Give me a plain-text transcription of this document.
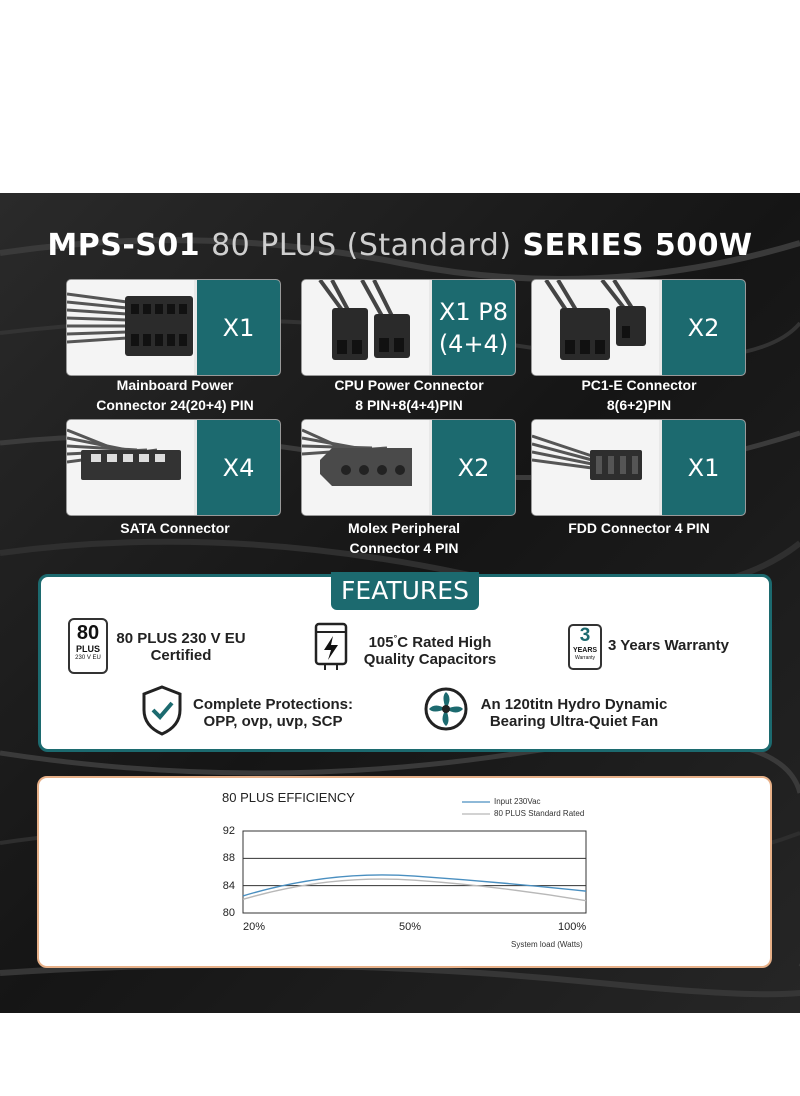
MPS-S01 80 PLUS (Standard) SERIES 500W
X1
Mainboard Power
Connector 24(20+4) PIN
X1 P8
(4+4)
CPU Power Connector
8 PIN+8(4+4)PIN
X2
PC1-E Connector
8(6+2)PIN
X4
SATA Connector
X2
Molex Peripheral
Connector 4 PIN
X1
FDD Connector 4 PIN
FEATURES
80
PLUS
230 V EU
80 PLUS 230 V EU
Certified
105°C Rated High
Quality Capacitors
3
YEARS
Warranty
3 Years Warranty
Complete Protections:
OPP, ovp, uvp, SCP
An 120titn Hydro Dynamic
Bearing Ultra-Quiet Fan
80 PLUS EFFICIENCY	Input 230Vac
80 PLUS Standard Rated
92
88
84
80
20%	50%	100%
System load (Watts)
